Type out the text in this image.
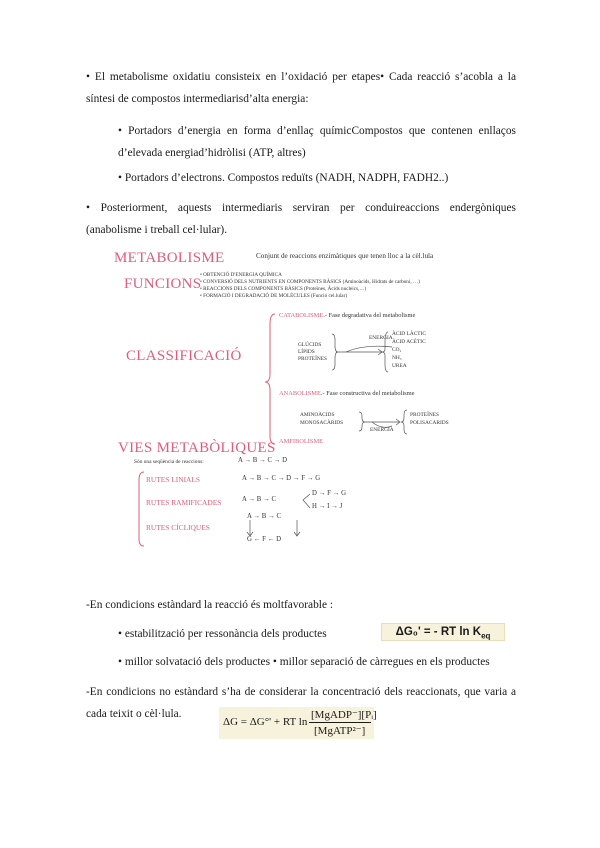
• El metabolisme oxidatiu consisteix en l’oxidació per etapes• Cada reacció s’acobla a la síntesi de compostos intermediarisd’alta energia:
• Portadors d’energia en forma d’enllaç químicCompostos que contenen enllaços d’elevada energiad’hidròlisi (ATP, altres)
• Portadors d’electrons. Compostos reduïts (NADH, NADPH, FADH2..)
• Posteriorment, aquests intermediaris serviran per conduireaccions endergòniques (anabolisme i treball cel·lular).
METABOLISME	Conjunt de reaccions enzimàtiques que tenen lloc a la cèl.lula
FUNCIONS
• OBTENCIÓ D'ENERGIA QUÍMICA
• CONVERSIÓ DELS NUTRIENTS EN COMPONENTS BÀSICS (Aminoàcids, Hidrats de carboni, …)
• REACCIONS DELS COMPONENTS BÀSICS (Proteïnes, Àcids nucleics,…)
• FORMACIÓ I DEGRADACIÓ DE MOLÈCULES (Funció cel.lular)
CLASSIFICACIÓ
CATABOLISME.- Fase degradativa del metabolisme
GLÚCIDS
LÍPIDS
PROTEÏNES
ENERGIA
ÀCID LÀCTIC
ÀCID ACÈTIC
CO₂
NH₃
UREA
ANABOLISME.- Fase constructiva del metabolisme
AMINOÀCIDS
MONOSACÀRIDS
ENERGIA
PROTEÏNES
POLISACARIDS
AMFIBOLISME
VIES METABÒLIQUES
Són una seqüència de reaccions:	A → B → C → D
RUTES LINIALS	A → B → C → D → F → G
RUTES RAMIFICADES	A → B → C
D → F → G
H → I → J
RUTES CÍCLIQUES
A → B → C
G ← F ← D
-En condicions estàndard la reacció és moltfavorable :
• estabilització per ressonància dels productes	ΔG₀' = - RT $\ln K_{eq}$
• millor solvatació dels productes • millor separació de càrregues en els productes
-En condicions no estàndard s’ha de considerar la concentració dels reaccionats, que varia a cada teixit o cèl·lula.
ΔG = ΔG°' + RT ln
[MgADP⁻][Pᵢ]
[MgATP²⁻]
